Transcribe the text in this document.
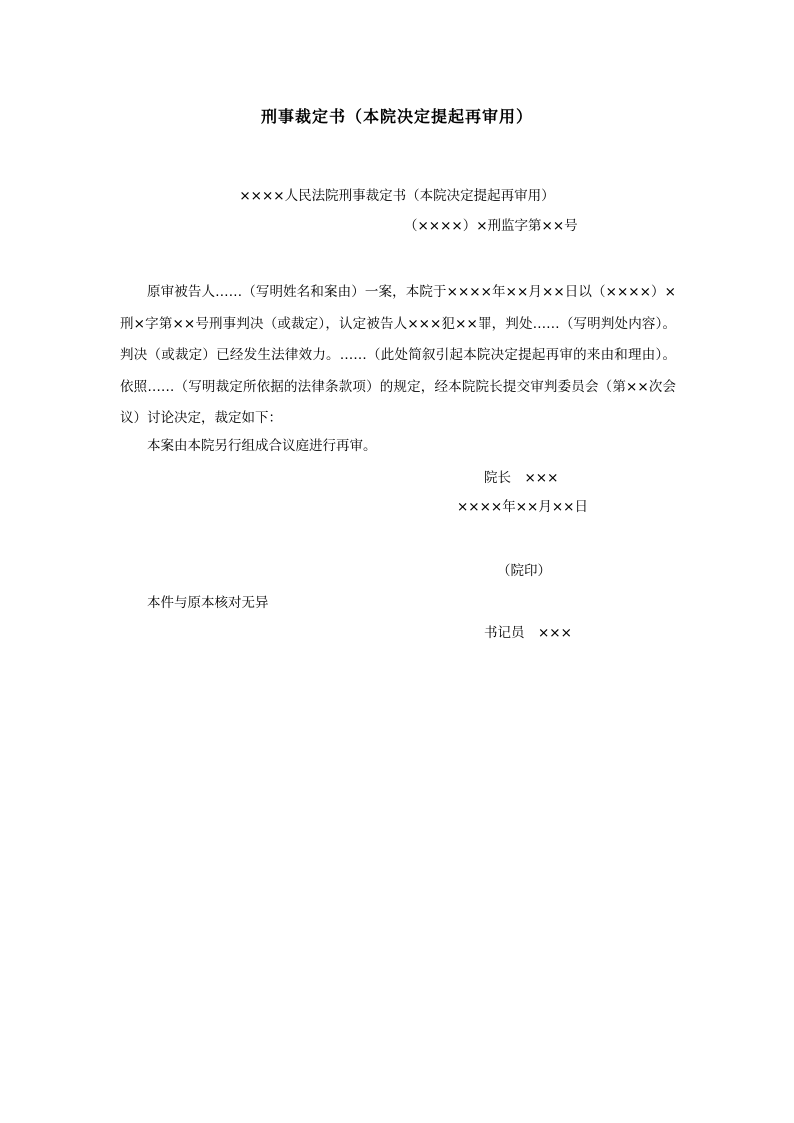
刑事裁定书（本院决定提起再审用）
××××人民法院刑事裁定书（本院决定提起再审用）
（××××）×刑监字第××号

原审被告人……（写明姓名和案由）一案，本院于××××年××月××日以（××××）×刑×字第××号刑事判决（或裁定），认定被告人×××犯××罪，判处……（写明判处内容）。判决（或裁定）已经发生法律效力。……（此处简叙引起本院决定提起再审的来由和理由）。依照……（写明裁定所依据的法律条款项）的规定，经本院院长提交审判委员会（第××次会议）讨论决定，裁定如下：

本案由本院另行组成合议庭进行再审。
院长　×××
××××年××月××日
（院印）
本件与原本核对无异
书记员　×××
